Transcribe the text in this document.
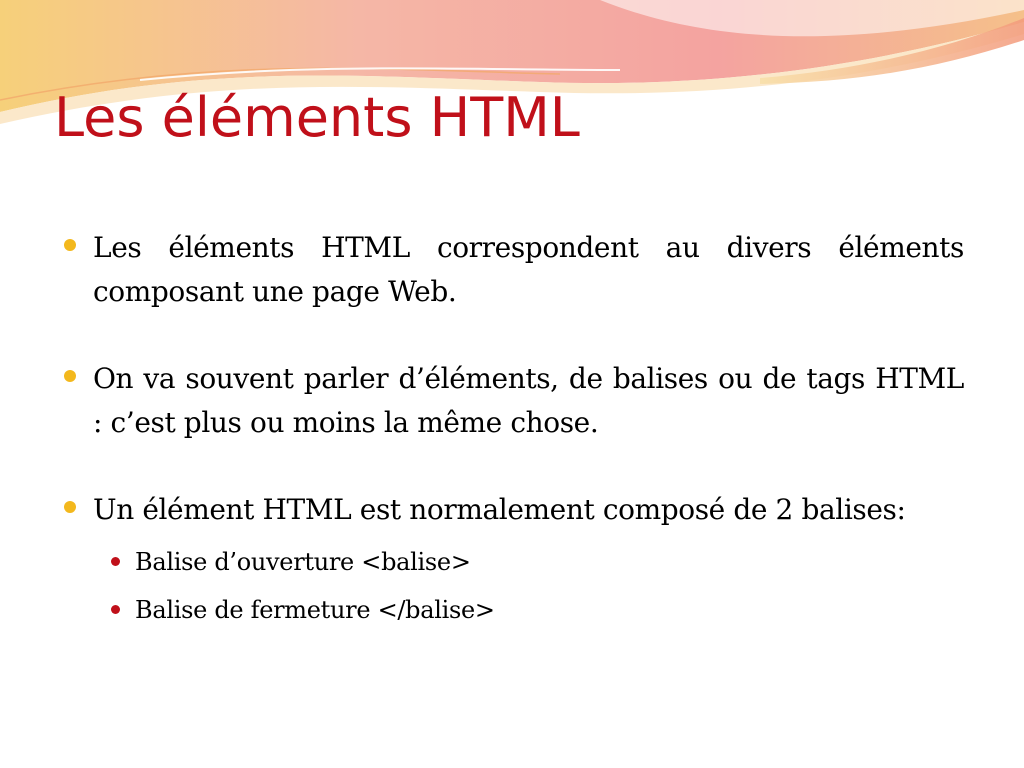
Les éléments HTML
Les éléments HTML correspondent au divers éléments composant une page Web.
On va souvent parler d’éléments, de balises ou de tags HTML : c’est plus ou moins la même chose.
Un élément HTML est normalement composé de 2 balises:
Balise d’ouverture <balise>
Balise de fermeture </balise>
